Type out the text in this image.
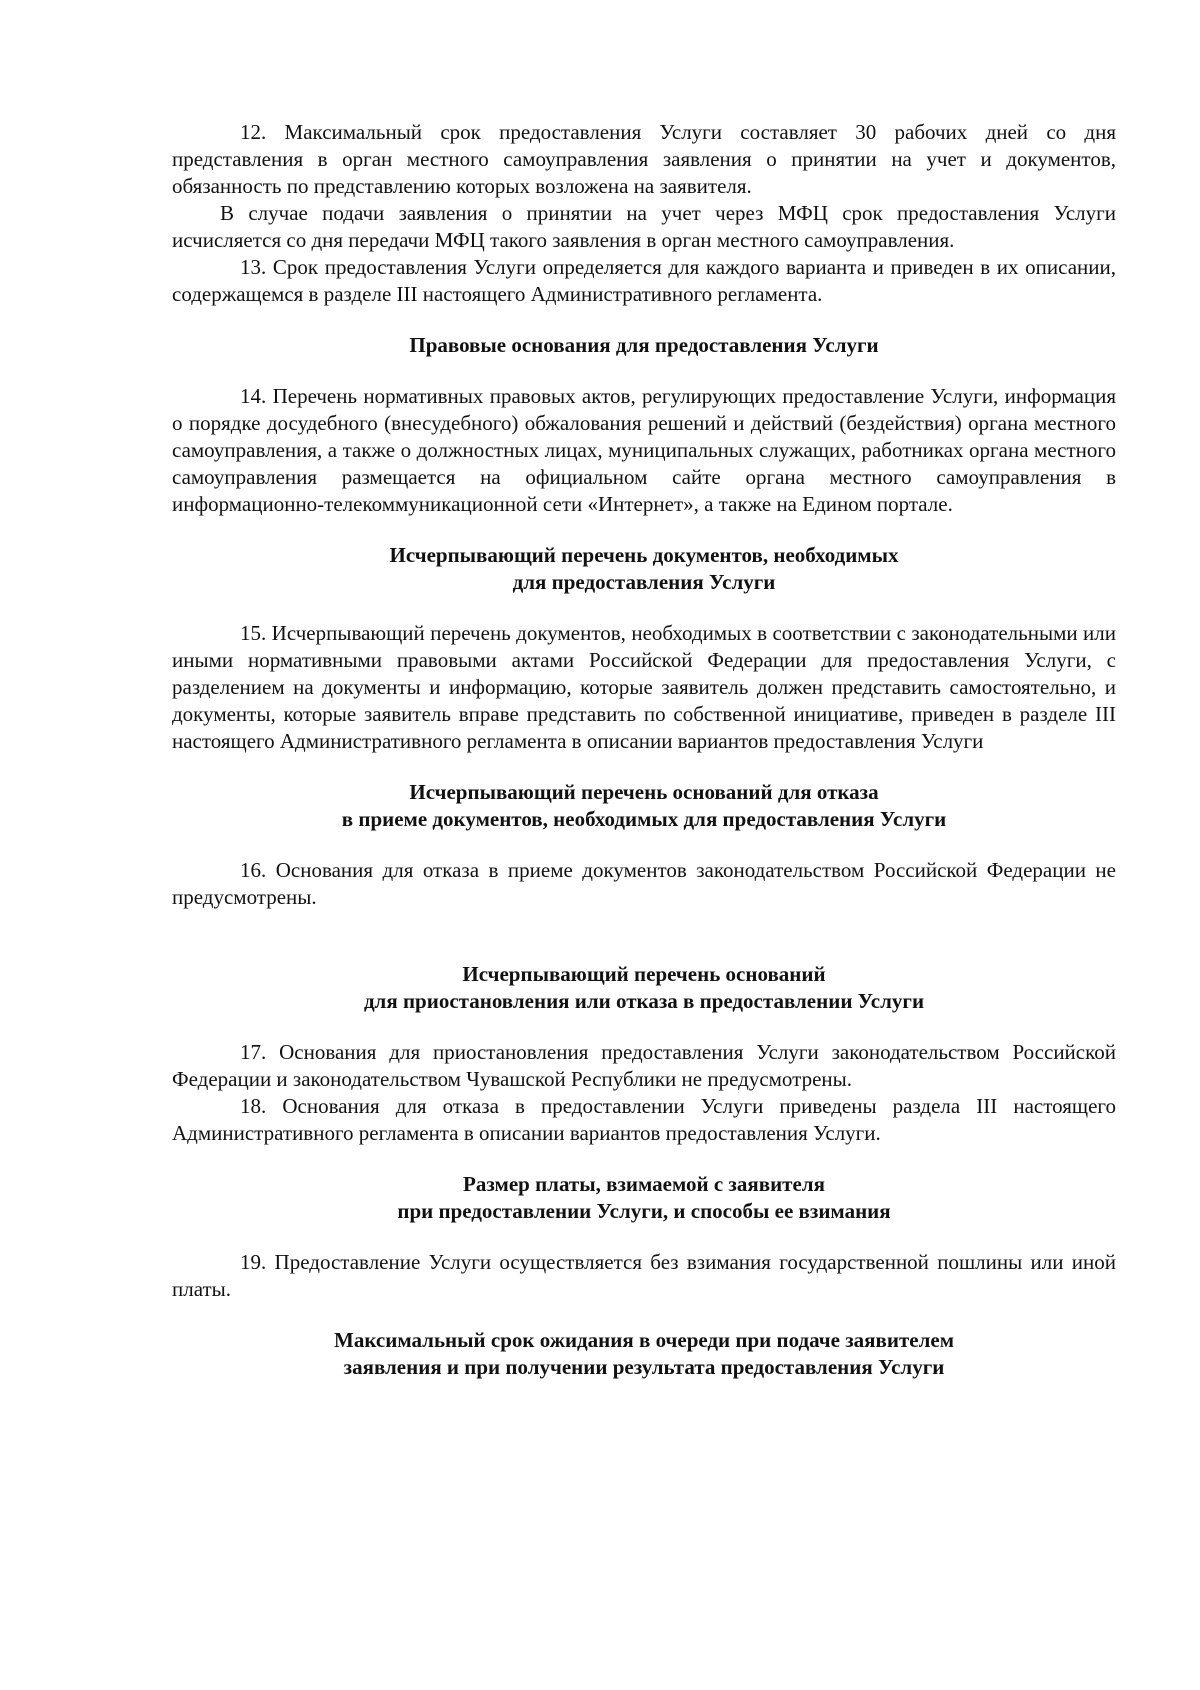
12. Максимальный срок предоставления Услуги составляет 30 рабочих дней со дня представления в орган местного самоуправления заявления о принятии на учет и документов, обязанность по представлению которых возложена на заявителя.

В случае подачи заявления о принятии на учет через МФЦ срок предоставления Услуги исчисляется со дня передачи МФЦ такого заявления в орган местного самоуправления.

13. Срок предоставления Услуги определяется для каждого варианта и приведен в их описании, содержащемся в разделе III настоящего Административного регламента.

Правовые основания для предоставления Услуги

14. Перечень нормативных правовых актов, регулирующих предоставление Услуги, информация о порядке досудебного (внесудебного) обжалования решений и действий (бездействия) органа местного самоуправления, а также о должностных лицах, муниципальных служащих, работниках органа местного самоуправления размещается на официальном сайте органа местного самоуправления в информационно-телекоммуникационной сети «Интернет», а также на Едином портале.

Исчерпывающий перечень документов, необходимых
для предоставления Услуги

15. Исчерпывающий перечень документов, необходимых в соответствии с законодательными или иными нормативными правовыми актами Российской Федерации для предоставления Услуги, с разделением на документы и информацию, которые заявитель должен представить самостоятельно, и документы, которые заявитель вправе представить по собственной инициативе, приведен в разделе III настоящего Административного регламента в описании вариантов предоставления Услуги

Исчерпывающий перечень оснований для отказа
в приеме документов, необходимых для предоставления Услуги

16. Основания для отказа в приеме документов законодательством Российской Федерации не предусмотрены.

Исчерпывающий перечень оснований
для приостановления или отказа в предоставлении Услуги

17. Основания для приостановления предоставления Услуги законодательством Российской Федерации и законодательством Чувашской Республики не предусмотрены.

18. Основания для отказа в предоставлении Услуги приведены раздела III настоящего Административного регламента в описании вариантов предоставления Услуги.

Размер платы, взимаемой с заявителя
при предоставлении Услуги, и способы ее взимания

19. Предоставление Услуги осуществляется без взимания государственной пошлины или иной платы.

Максимальный срок ожидания в очереди при подаче заявителем
заявления и при получении результата предоставления Услуги
